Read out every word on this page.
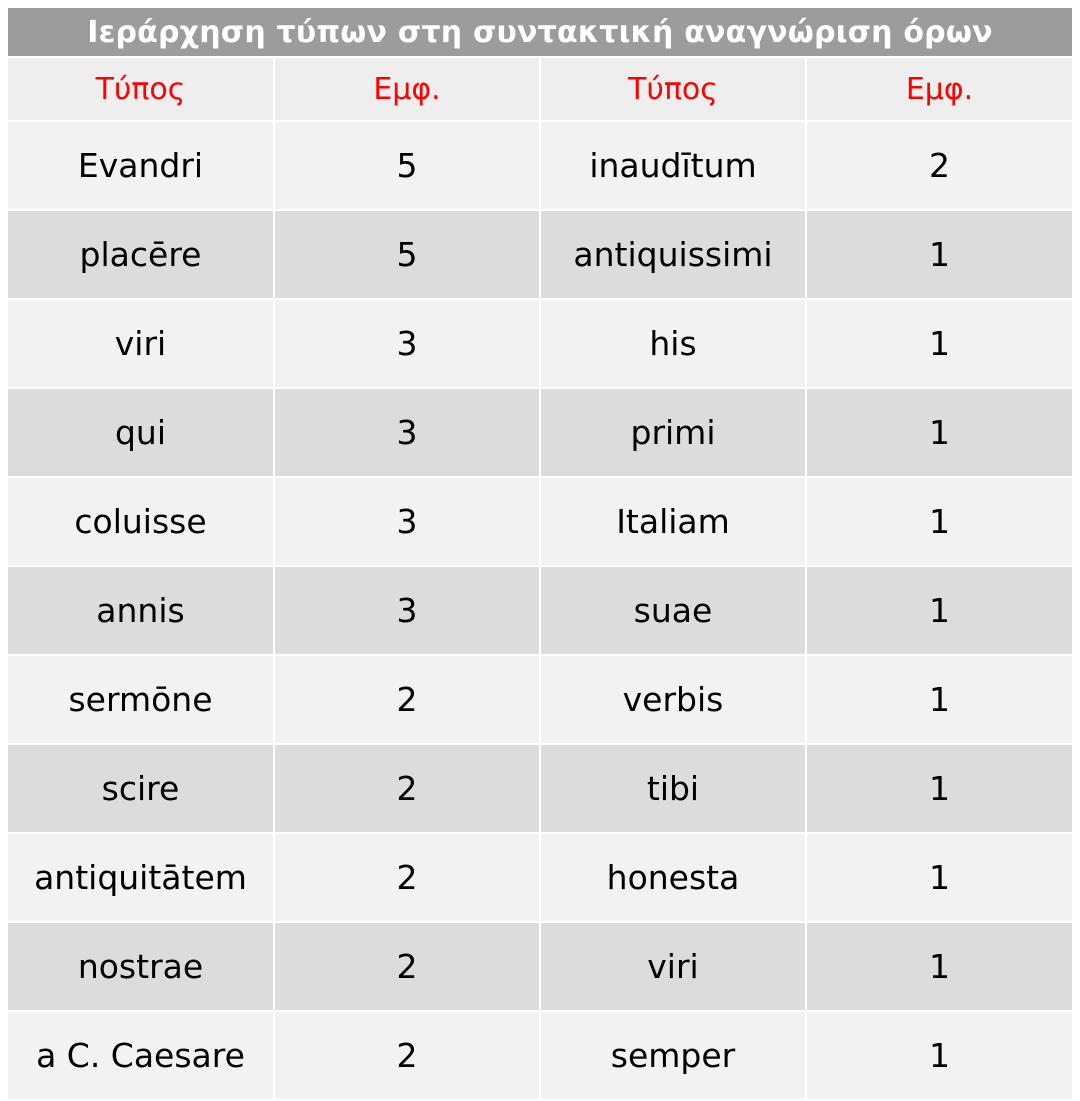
Ιεράρχηση τύπων στη συντακτική αναγνώριση όρων			
Τύπος	Εμφ.	Τύπος	Εμφ.
Evandri	5	inaudītum	2
placēre	5	antiquissimi	1
viri	3	his	1
qui	3	primi	1
coluisse	3	Italiam	1
annis	3	suae	1
sermōne	2	verbis	1
scire	2	tibi	1
antiquitātem	2	honesta	1
nostrae	2	viri	1
a C. Caesare	2	semper	1
